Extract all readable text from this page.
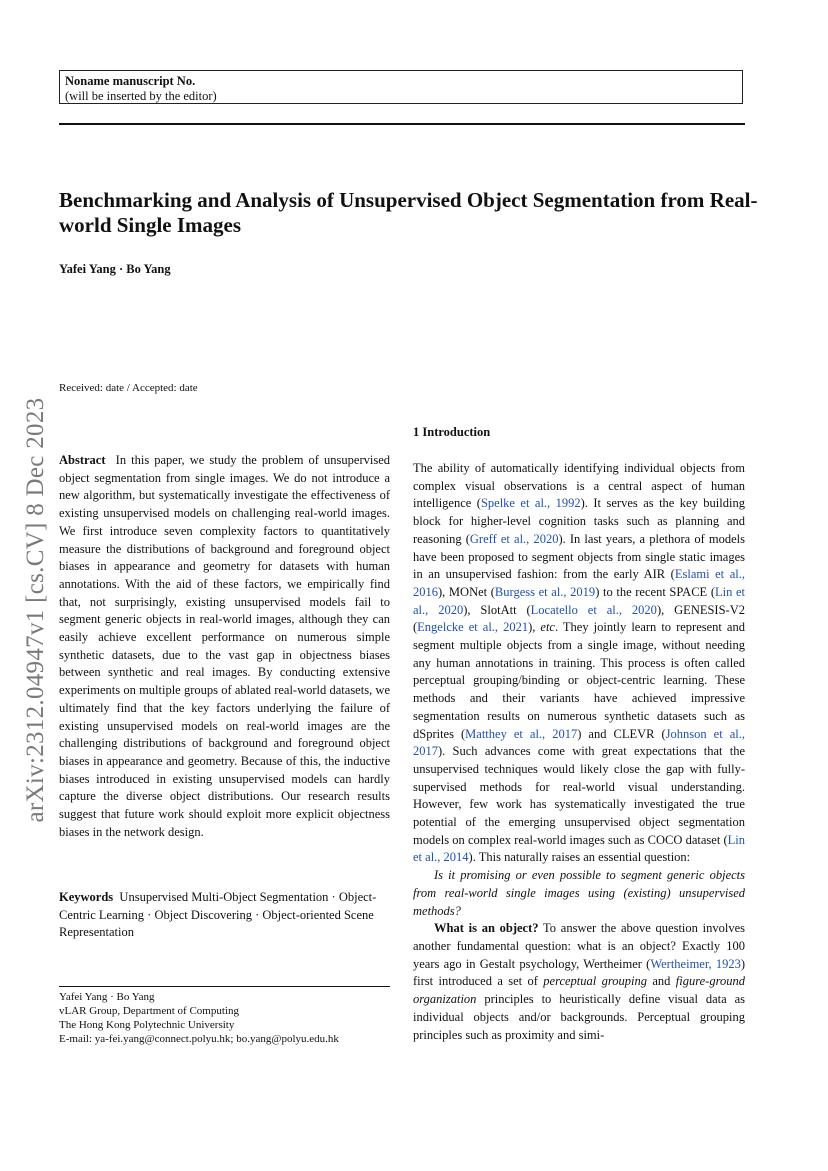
Noname manuscript No.
(will be inserted by the editor)
Benchmarking and Analysis of Unsupervised Object Segmentation from Real-world Single Images
Yafei Yang · Bo Yang
arXiv:2312.04947v1 [cs.CV] 8 Dec 2023
Received: date / Accepted: date
Abstract In this paper, we study the problem of unsupervised object segmentation from single images. We do not introduce a new algorithm, but systematically investigate the effectiveness of existing unsupervised models on challenging real-world images. We first introduce seven complexity factors to quantitatively measure the distributions of background and foreground object biases in appearance and geometry for datasets with human annotations. With the aid of these factors, we empirically find that, not surprisingly, existing unsupervised models fail to segment generic objects in real-world images, although they can easily achieve excellent performance on numerous simple synthetic datasets, due to the vast gap in objectness biases between synthetic and real images. By conducting extensive experiments on multiple groups of ablated real-world datasets, we ultimately find that the key factors underlying the failure of existing unsupervised models on real-world images are the challenging distributions of background and foreground object biases in appearance and geometry. Because of this, the inductive biases introduced in existing unsupervised models can hardly capture the diverse object distributions. Our research results suggest that future work should exploit more explicit objectness biases in the network design.
Keywords Unsupervised Multi-Object Segmentation · Object-Centric Learning · Object Discovering · Object-oriented Scene Representation
Yafei Yang · Bo Yang
vLAR Group, Department of Computing
The Hong Kong Polytechnic University
E-mail: ya-fei.yang@connect.polyu.hk; bo.yang@polyu.edu.hk
1 Introduction

The ability of automatically identifying individual objects from complex visual observations is a central aspect of human intelligence (Spelke et al., 1992). It serves as the key building block for higher-level cognition tasks such as planning and reasoning (Greff et al., 2020). In last years, a plethora of models have been proposed to segment objects from single static images in an unsupervised fashion: from the early AIR (Eslami et al., 2016), MONet (Burgess et al., 2019) to the recent SPACE (Lin et al., 2020), SlotAtt (Locatello et al., 2020), GENESIS-V2 (Engelcke et al., 2021), etc. They jointly learn to represent and segment multiple objects from a single image, without needing any human annotations in training. This process is often called perceptual grouping/binding or object-centric learning. These methods and their variants have achieved impressive segmentation results on numerous synthetic datasets such as dSprites (Matthey et al., 2017) and CLEVR (Johnson et al., 2017). Such advances come with great expectations that the unsupervised techniques would likely close the gap with fully-supervised methods for real-world visual understanding. However, few work has systematically investigated the true potential of the emerging unsupervised object segmentation models on complex real-world images such as COCO dataset (Lin et al., 2014). This naturally raises an essential question:

Is it promising or even possible to segment generic objects from real-world single images using (existing) unsupervised methods?

What is an object? To answer the above question involves another fundamental question: what is an object? Exactly 100 years ago in Gestalt psychology, Wertheimer (Wertheimer, 1923) first introduced a set of perceptual grouping and figure-ground organization principles to heuristically define visual data as individual objects and/or backgrounds. Perceptual grouping principles such as proximity and simi-
